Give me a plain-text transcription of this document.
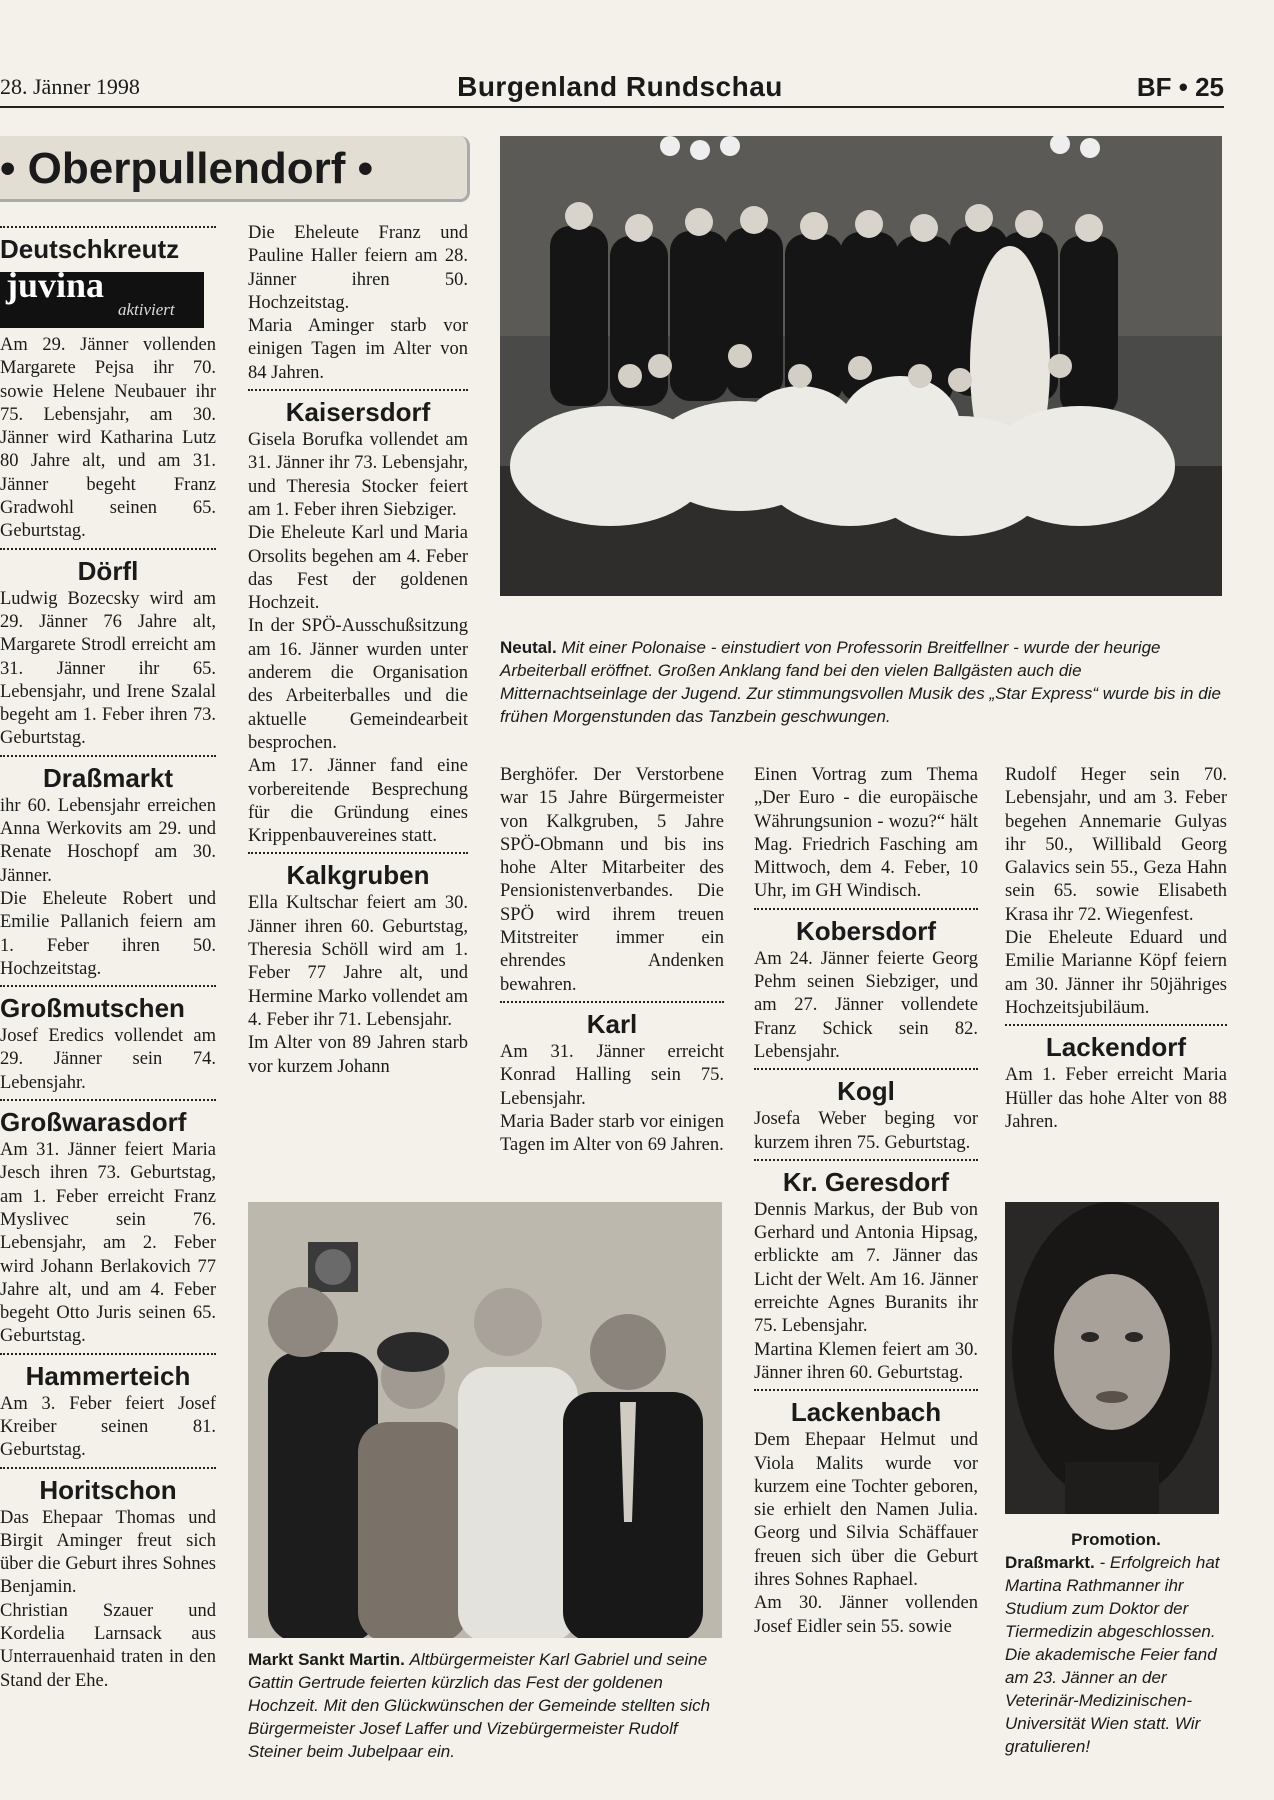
28. Jänner 1998	Burgenland Rundschau	BF • 25
• Oberpullendorf •
Deutschkreutz
juvina
aktiviert

Am 29. Jänner vollenden Margarete Pejsa ihr 70. sowie Helene Neubauer ihr 75. Lebensjahr, am 30. Jänner wird Katharina Lutz 80 Jahre alt, und am 31. Jänner begeht Franz Gradwohl seinen 65. Geburtstag.

Dörfl

Ludwig Bozecsky wird am 29. Jänner 76 Jahre alt, Margarete Strodl erreicht am 31. Jänner ihr 65. Lebensjahr, und Irene Szalal begeht am 1. Feber ihren 73. Geburtstag.

Draßmarkt

ihr 60. Lebensjahr erreichen Anna Werkovits am 29. und Renate Hoschopf am 30. Jänner.

Die Eheleute Robert und Emilie Pallanich feiern am 1. Feber ihren 50. Hochzeitstag.

Großmutschen

Josef Eredics vollendet am 29. Jänner sein 74. Lebensjahr.

Großwarasdorf

Am 31. Jänner feiert Maria Jesch ihren 73. Geburtstag, am 1. Feber erreicht Franz Myslivec sein 76. Lebensjahr, am 2. Feber wird Johann Berlakovich 77 Jahre alt, und am 4. Feber begeht Otto Juris seinen 65. Geburtstag.

Hammerteich

Am 3. Feber feiert Josef Kreiber seinen 81. Geburtstag.

Horitschon

Das Ehepaar Thomas und Birgit Aminger freut sich über die Geburt ihres Sohnes Benjamin.

Christian Szauer und Kordelia Larnsack aus Unterrauenhaid traten in den Stand der Ehe.

Die Eheleute Franz und Pauline Haller feiern am 28. Jänner ihren 50. Hochzeitstag.

Maria Aminger starb vor einigen Tagen im Alter von 84 Jahren.

Kaisersdorf

Gisela Borufka vollendet am 31. Jänner ihr 73. Lebensjahr, und Theresia Stocker feiert am 1. Feber ihren Siebziger.

Die Eheleute Karl und Maria Orsolits begehen am 4. Feber das Fest der goldenen Hochzeit.

In der SPÖ-Ausschußsitzung am 16. Jänner wurden unter anderem die Organisation des Arbeiterballes und die aktuelle Gemeindearbeit besprochen.

Am 17. Jänner fand eine vorbereitende Besprechung für die Gründung eines Krippenbauvereines statt.

Kalkgruben

Ella Kultschar feiert am 30. Jänner ihren 60. Geburtstag, Theresia Schöll wird am 1. Feber 77 Jahre alt, und Hermine Marko vollendet am 4. Feber ihr 71. Lebensjahr.

Im Alter von 89 Jahren starb vor kurzem Johann

Neutal. Mit einer Polonaise - einstudiert von Professorin Breitfellner - wurde der heurige Arbeiterball eröffnet. Großen Anklang fand bei den vielen Ballgästen auch die Mitternachtseinlage der Jugend. Zur stimmungsvollen Musik des „Star Express“ wurde bis in die frühen Morgenstunden das Tanzbein geschwungen.

Berghöfer. Der Verstorbene war 15 Jahre Bürgermeister von Kalkgruben, 5 Jahre SPÖ-Obmann und bis ins hohe Alter Mitarbeiter des Pensionistenverbandes. Die SPÖ wird ihrem treuen Mitstreiter immer ein ehrendes Andenken bewahren.

Karl

Am 31. Jänner erreicht Konrad Halling sein 75. Lebensjahr.

Maria Bader starb vor einigen Tagen im Alter von 69 Jahren.

Einen Vortrag zum Thema „Der Euro - die europäische Währungsunion - wozu?“ hält Mag. Friedrich Fasching am Mittwoch, dem 4. Feber, 10 Uhr, im GH Windisch.

Kobersdorf

Am 24. Jänner feierte Georg Pehm seinen Siebziger, und am 27. Jänner vollendete Franz Schick sein 82. Lebensjahr.

Kogl

Josefa Weber beging vor kurzem ihren 75. Geburtstag.

Kr. Geresdorf

Dennis Markus, der Bub von Gerhard und Antonia Hipsag, erblickte am 7. Jänner das Licht der Welt. Am 16. Jänner erreichte Agnes Buranits ihr 75. Lebensjahr.

Martina Klemen feiert am 30. Jänner ihren 60. Geburtstag.

Lackenbach

Dem Ehepaar Helmut und Viola Malits wurde vor kurzem eine Tochter geboren, sie erhielt den Namen Julia. Georg und Silvia Schäffauer freuen sich über die Geburt ihres Sohnes Raphael.

Am 30. Jänner vollenden Josef Eidler sein 55. sowie

Rudolf Heger sein 70. Lebensjahr, und am 3. Feber begehen Annemarie Gulyas ihr 50., Willibald Georg Galavics sein 55., Geza Hahn sein 65. sowie Elisabeth Krasa ihr 72. Wiegenfest.

Die Eheleute Eduard und Emilie Marianne Köpf feiern am 30. Jänner ihr 50jähriges Hochzeitsjubiläum.

Lackendorf

Am 1. Feber erreicht Maria Hüller das hohe Alter von 88 Jahren.

Markt Sankt Martin. Altbürgermeister Karl Gabriel und seine Gattin Gertrude feierten kürzlich das Fest der goldenen Hochzeit. Mit den Glückwünschen der Gemeinde stellten sich Bürgermeister Josef Laffer und Vizebürgermeister Rudolf Steiner beim Jubelpaar ein.
Promotion.
Draßmarkt. - Erfolgreich hat Martina Rathmanner ihr Studium zum Doktor der Tiermedizin abgeschlossen. Die akademische Feier fand am 23. Jänner an der Veterinär-Medizinischen-Universität Wien statt. Wir gratulieren!
